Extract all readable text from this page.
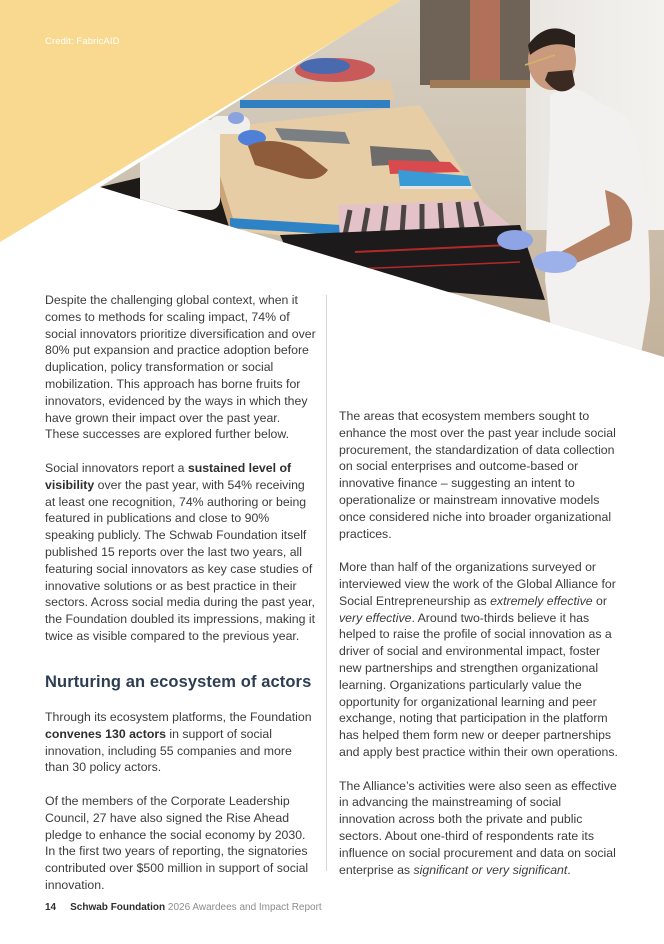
Credit: FabricAID

Despite the challenging global context, when it comes to methods for scaling impact, 74% of social innovators prioritize diversification and over 80% put expansion and practice adoption before duplication, policy transformation or social mobilization. This approach has borne fruits for innovators, evidenced by the ways in which they have grown their impact over the past year. These successes are explored further below.

Social innovators report a sustained level of visibility over the past year, with 54% receiving at least one recognition, 74% authoring or being featured in publications and close to 90% speaking publicly. The Schwab Foundation itself published 15 reports over the last two years, all featuring social innovators as key case studies of innovative solutions or as best practice in their sectors. Across social media during the past year, the Foundation doubled its impressions, making it twice as visible compared to the previous year.

Nurturing an ecosystem of actors

Through its ecosystem platforms, the Foundation convenes 130 actors in support of social innovation, including 55 companies and more than 30 policy actors.

Of the members of the Corporate Leadership Council, 27 have also signed the Rise Ahead pledge to enhance the social economy by 2030. In the first two years of reporting, the signatories contributed over $500 million in support of social innovation.

The areas that ecosystem members sought to enhance the most over the past year include social procurement, the standardization of data collection on social enterprises and outcome-based or innovative finance – suggesting an intent to operationalize or mainstream innovative models once considered niche into broader organizational practices.

More than half of the organizations surveyed or interviewed view the work of the Global Alliance for Social Entrepreneurship as extremely effective or very effective. Around two-thirds believe it has helped to raise the profile of social innovation as a driver of social and environmental impact, foster new partnerships and strengthen organizational learning. Organizations particularly value the opportunity for organizational learning and peer exchange, noting that participation in the platform has helped them form new or deeper partnerships and apply best practice within their own operations.

The Alliance’s activities were also seen as effective in advancing the mainstreaming of social innovation across both the private and public sectors. About one-third of respondents rate its influence on social procurement and data on social enterprise as significant or very significant.

14 Schwab Foundation 2026 Awardees and Impact Report
